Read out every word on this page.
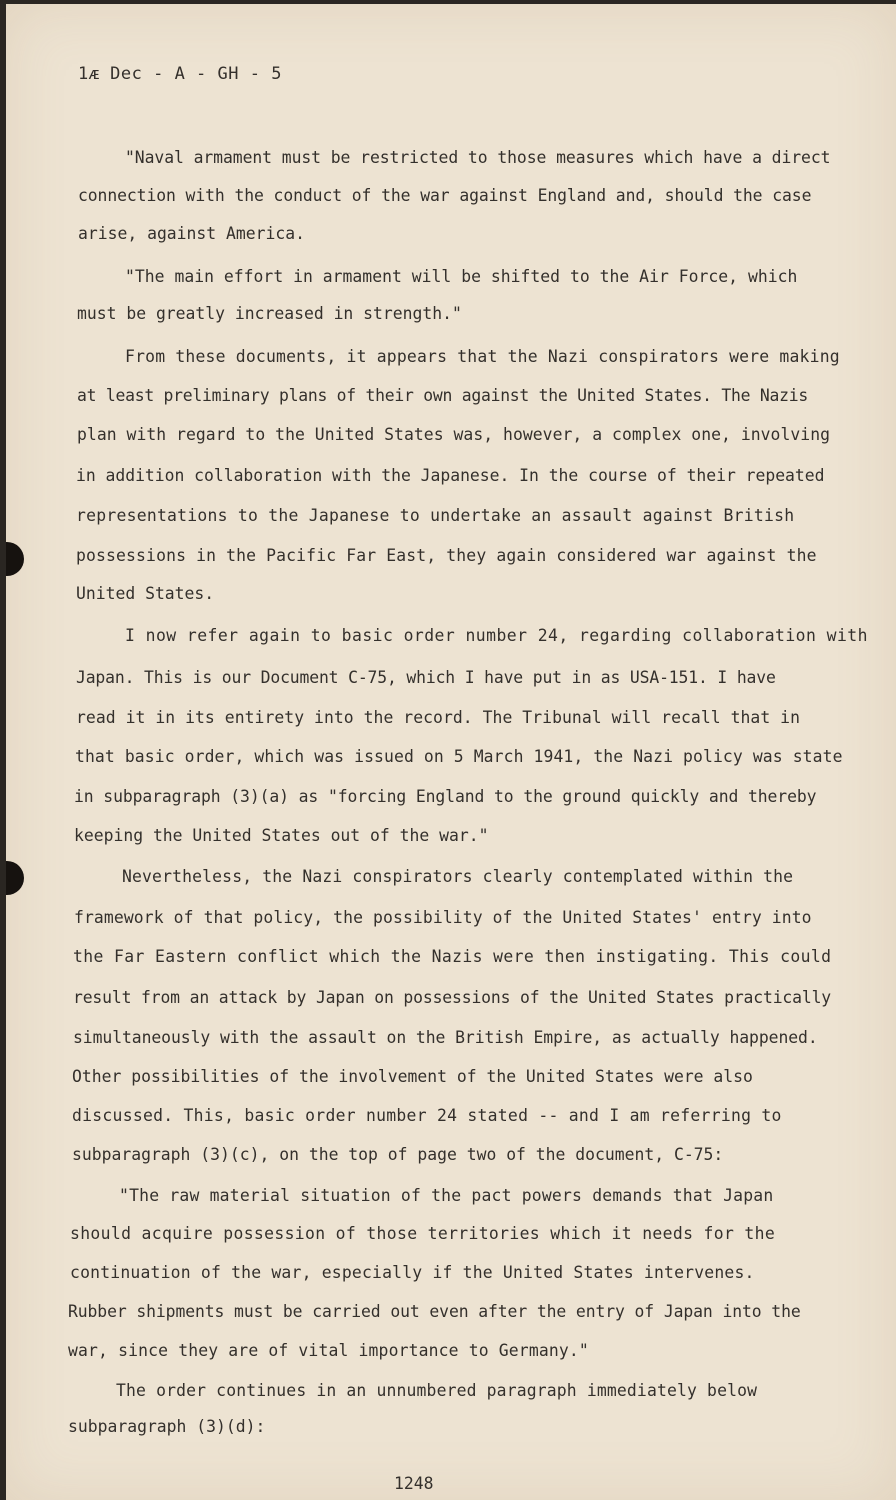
1ᴁ Dec - A - GH - 5
"Naval armament must be restricted to those measures which have a direct
connection with the conduct of the war against England and, should the case
arise, against America.
"The main effort in armament will be shifted to the Air Force, which
must be greatly increased in strength."
From these documents, it appears that the Nazi conspirators were making
at least preliminary plans of their own against the United States. The Nazis
plan with regard to the United States was, however, a complex one, involving
in addition collaboration with the Japanese. In the course of their repeated
representations to the Japanese to undertake an assault against British
possessions in the Pacific Far East, they again considered war against the
United States.
I now refer again to basic order number 24, regarding collaboration with
Japan. This is our Document C-75, which I have put in as USA-151. I have
read it in its entirety into the record. The Tribunal will recall that in
that basic order, which was issued on 5 March 1941, the Nazi policy was state
in subparagraph (3)(a) as "forcing England to the ground quickly and thereby
keeping the United States out of the war."
Nevertheless, the Nazi conspirators clearly contemplated within the
framework of that policy, the possibility of the United States' entry into
the Far Eastern conflict which the Nazis were then instigating. This could
result from an attack by Japan on possessions of the United States practically
simultaneously with the assault on the British Empire, as actually happened.
Other possibilities of the involvement of the United States were also
discussed. This, basic order number 24 stated -- and I am referring to
subparagraph (3)(c), on the top of page two of the document, C-75:
"The raw material situation of the pact powers demands that Japan
should acquire possession of those territories which it needs for the
continuation of the war, especially if the United States intervenes.
Rubber shipments must be carried out even after the entry of Japan into the
war, since they are of vital importance to Germany."
The order continues in an unnumbered paragraph immediately below
subparagraph (3)(d):
1248
